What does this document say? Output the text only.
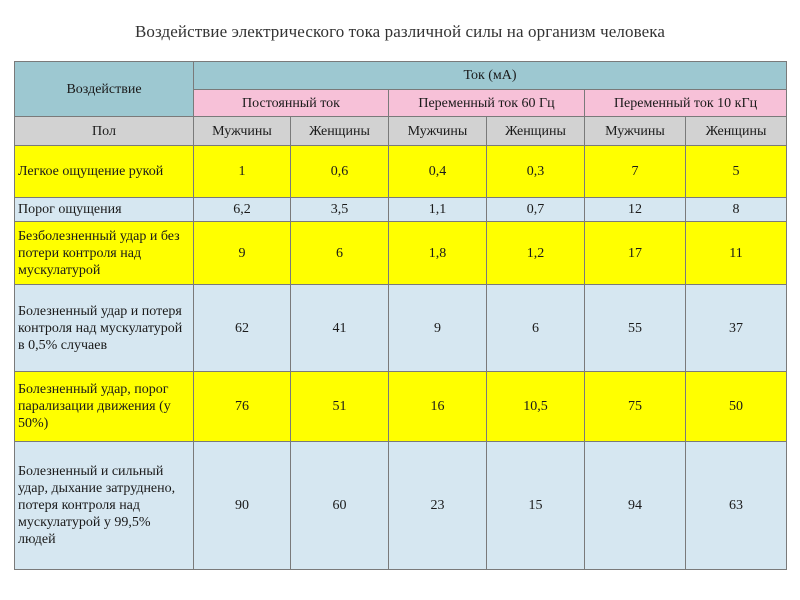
Воздействие электрического тока различной силы на организм человека
Воздействие	Ток (мА)					
	Постоянный ток		Переменный ток 60 Гц		Переменный ток 10 кГц	
Пол	Мужчины	Женщины	Мужчины	Женщины	Мужчины	Женщины
Легкое ощущение рукой	1	0,6	0,4	0,3	7	5
Порог ощущения	6,2	3,5	1,1	0,7	12	8
Безболезненный удар и без потери контроля над мускулатурой	9	6	1,8	1,2	17	11
Болезненный удар и потеря контроля над мускулатурой в 0,5% случаев	62	41	9	6	55	37
Болезненный удар, порог парализации движения (у 50%)	76	51	16	10,5	75	50
Болезненный и сильный удар, дыхание затруднено, потеря контроля над мускулатурой у 99,5% людей	90	60	23	15	94	63
